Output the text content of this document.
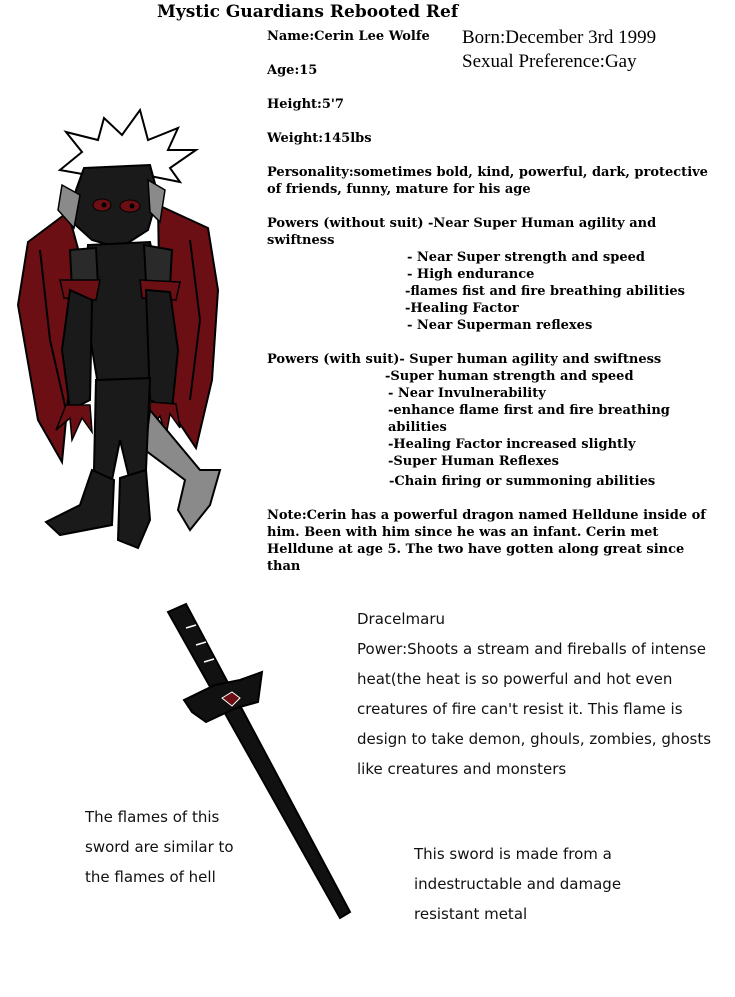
Mystic Guardians Rebooted Ref
Born:December 3rd 1999
Sexual Preference:Gay
Name:Cerin Lee Wolfe
Age:15
Height:5'7
Weight:145lbs
Personality:sometimes bold, kind, powerful, dark, protective of friends, funny, mature for his age
Powers (without suit) -Near Super Human agility and swiftness
- Near Super strength and speed
- High endurance
-flames fist and fire breathing abilities
-Healing Factor
- Near Superman reflexes
Powers (with suit)- Super human agility and swiftness
-Super human strength and speed
- Near Invulnerability
-enhance flame first and fire breathing abilities
-Healing Factor increased slightly
-Super Human Reflexes
-Chain firing or summoning abilities
Note:Cerin has a powerful dragon named Helldune inside of him. Been with him since he was an infant. Cerin met Helldune at age 5. The two have gotten along great since than
Dracelmaru
Power:Shoots a stream and fireballs of intense heat(the heat is so powerful and hot even creatures of fire can't resist it. This flame is design to take demon, ghouls, zombies, ghosts like creatures and monsters
The flames of this sword are similar to the flames of hell
This sword is made from a indestructable and damage resistant metal
